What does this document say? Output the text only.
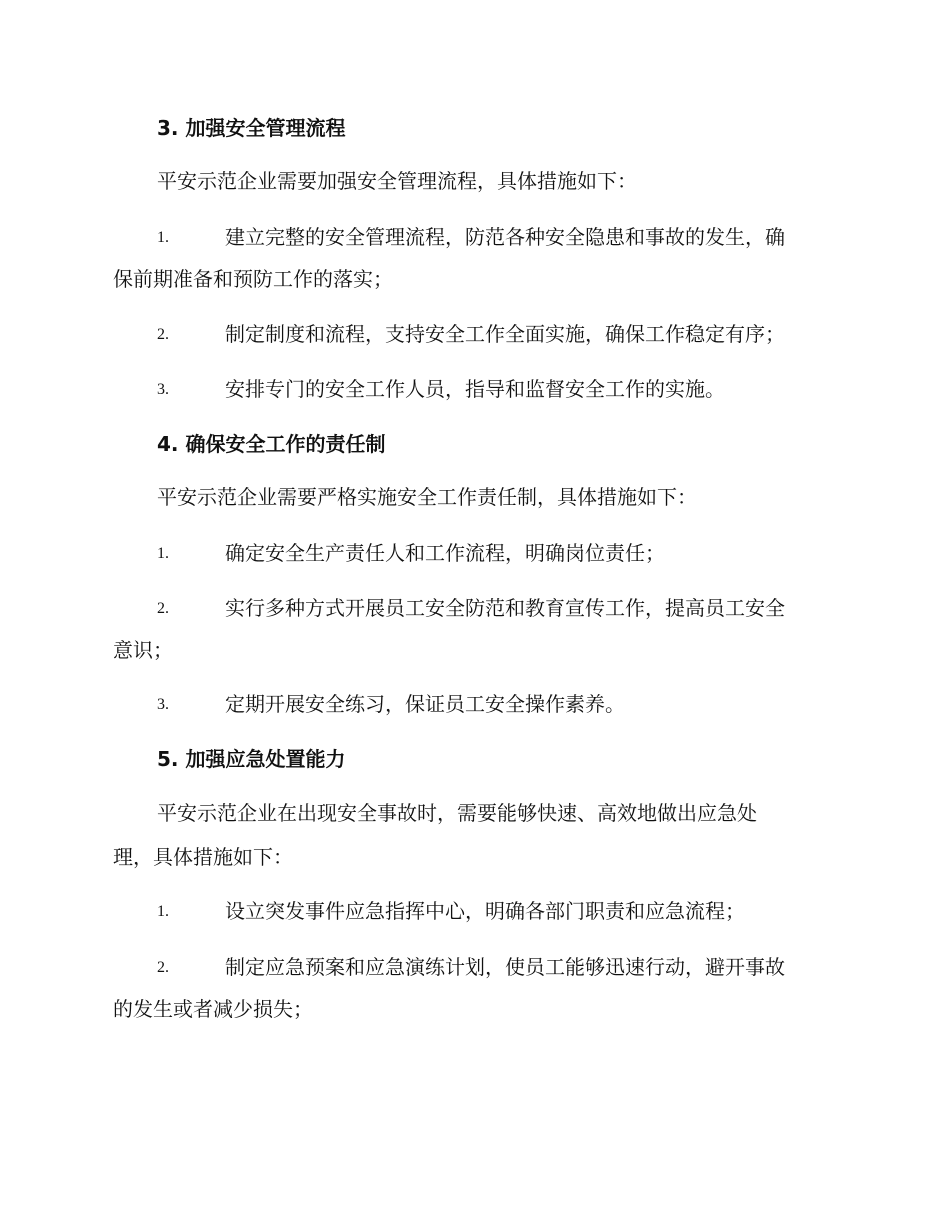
3. 加强安全管理流程
平安示范企业需要加强安全管理流程，具体措施如下：
1.	建立完整的安全管理流程，防范各种安全隐患和事故的发生，确
保前期准备和预防工作的落实；
2.	制定制度和流程，支持安全工作全面实施，确保工作稳定有序；
3.	安排专门的安全工作人员，指导和监督安全工作的实施。
4. 确保安全工作的责任制
平安示范企业需要严格实施安全工作责任制，具体措施如下：
1.	确定安全生产责任人和工作流程，明确岗位责任；
2.	实行多种方式开展员工安全防范和教育宣传工作，提高员工安全
意识；
3.	定期开展安全练习，保证员工安全操作素养。
5. 加强应急处置能力
平安示范企业在出现安全事故时，需要能够快速、高效地做出应急处
理，具体措施如下：
1.	设立突发事件应急指挥中心，明确各部门职责和应急流程；
2.	制定应急预案和应急演练计划，使员工能够迅速行动，避开事故
的发生或者减少损失；
